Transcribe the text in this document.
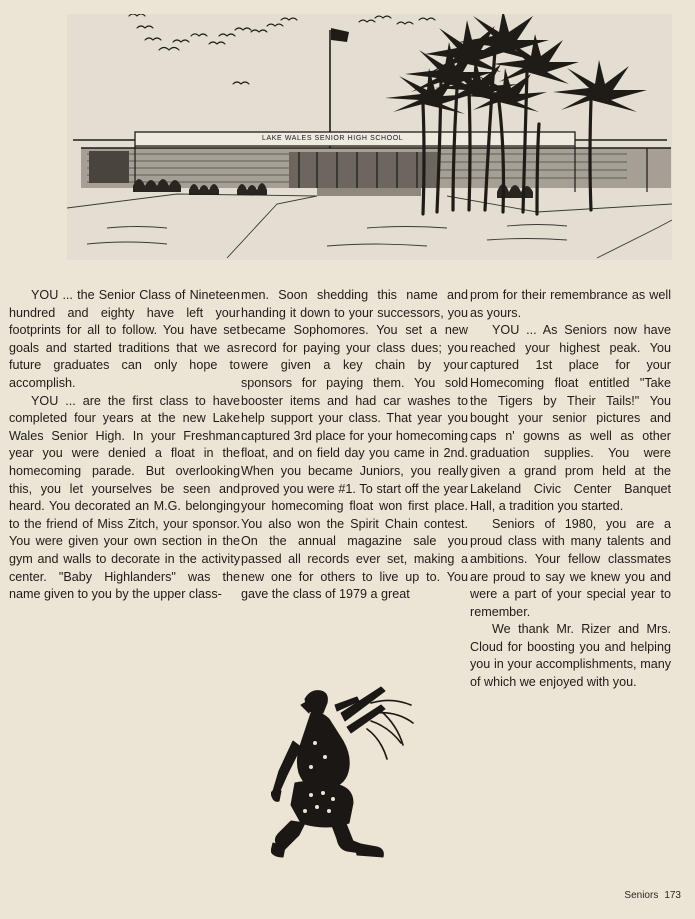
LAKE WALES SENIOR HIGH SCHOOL

YOU ... the Senior Class of Nineteen hundred and eighty have left your footprints for all to follow. You have set goals and started traditions that we as future graduates can only hope to accomplish.

YOU ... are the first class to have completed four years at the new Lake Wales Senior High. In your Freshman year you were denied a float in the homecoming parade. But overlooking this, you let yourselves be seen and heard. You decorated an M.G. belonging to the friend of Miss Zitch, your sponsor. You were given your own section in the gym and walls to decorate in the activity center. "Baby Highlanders" was the name given to you by the upper class-

men. Soon shedding this name and handing it down to your successors, you became Sophomores. You set a new record for paying your class dues; you were given a key chain by your sponsors for paying them. You sold booster items and had car washes to help support your class. That year you captured 3rd place for your homecoming float, and on field day you came in 2nd. When you became Juniors, you really proved you were #1. To start off the year your homecoming float won first place. You also won the Spirit Chain contest. On the annual magazine sale you passed all records ever set, making a new one for others to live up to. You gave the class of 1979 a great

prom for their remembrance as well as yours.

YOU ... As Seniors now have reached your highest peak. You captured 1st place for your Homecoming float entitled "Take the Tigers by Their Tails!" You bought your senior pictures and caps n' gowns as well as other graduation supplies. You were given a grand prom held at the Lakeland Civic Center Banquet Hall, a tradition you started.

Seniors of 1980, you are a proud class with many talents and ambitions. Your fellow classmates are proud to say we knew you and were a part of your special year to remember.

We thank Mr. Rizer and Mrs. Cloud for boosting you and helping you in your accomplishments, many of which we enjoyed with you.

Seniors 173
